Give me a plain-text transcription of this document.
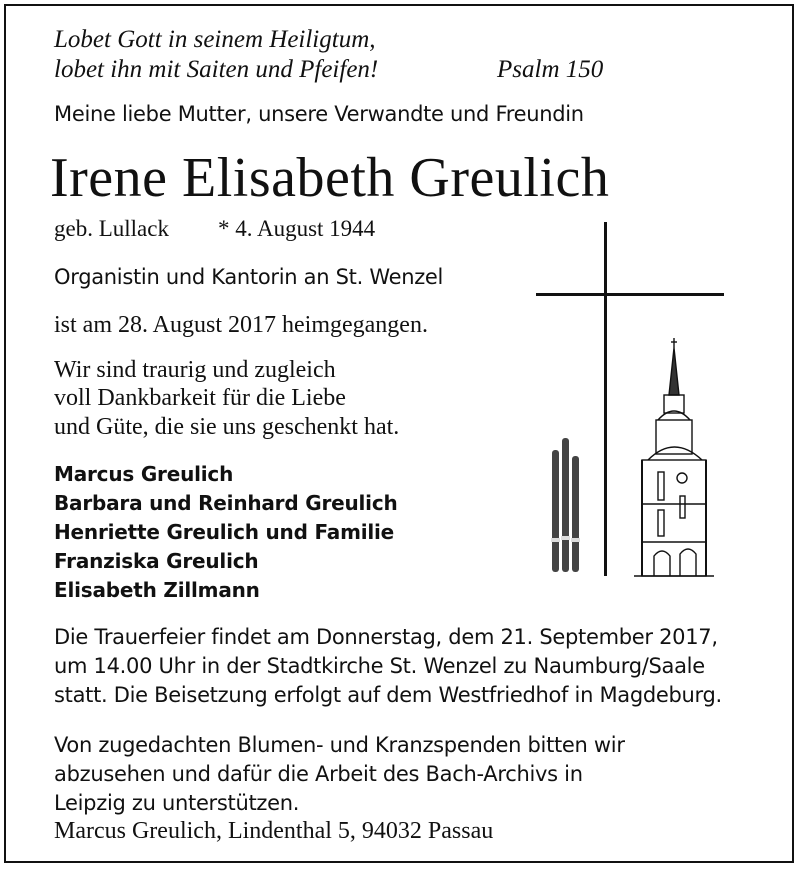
Lobet Gott in seinem Heiligtum,
lobet ihn mit Saiten und Pfeifen!	Psalm 150
Meine liebe Mutter, unsere Verwandte und Freundin
Irene Elisabeth Greulich
geb. Lullack * 4. August 1944
Organistin und Kantorin an St. Wenzel
ist am 28. August 2017 heimgegangen.
Wir sind traurig und zugleich
voll Dankbarkeit für die Liebe
und Güte, die sie uns geschenkt hat.
Marcus Greulich
Barbara und Reinhard Greulich
Henriette Greulich und Familie
Franziska Greulich
Elisabeth Zillmann
Die Trauerfeier findet am Donnerstag, dem 21. September 2017,
um 14.00 Uhr in der Stadtkirche St. Wenzel zu Naumburg/Saale
statt. Die Beisetzung erfolgt auf dem Westfriedhof in Magdeburg.
Von zugedachten Blumen- und Kranzspenden bitten wir
abzusehen und dafür die Arbeit des Bach-Archivs in
Leipzig zu unterstützen.
Marcus Greulich, Lindenthal 5, 94032 Passau
